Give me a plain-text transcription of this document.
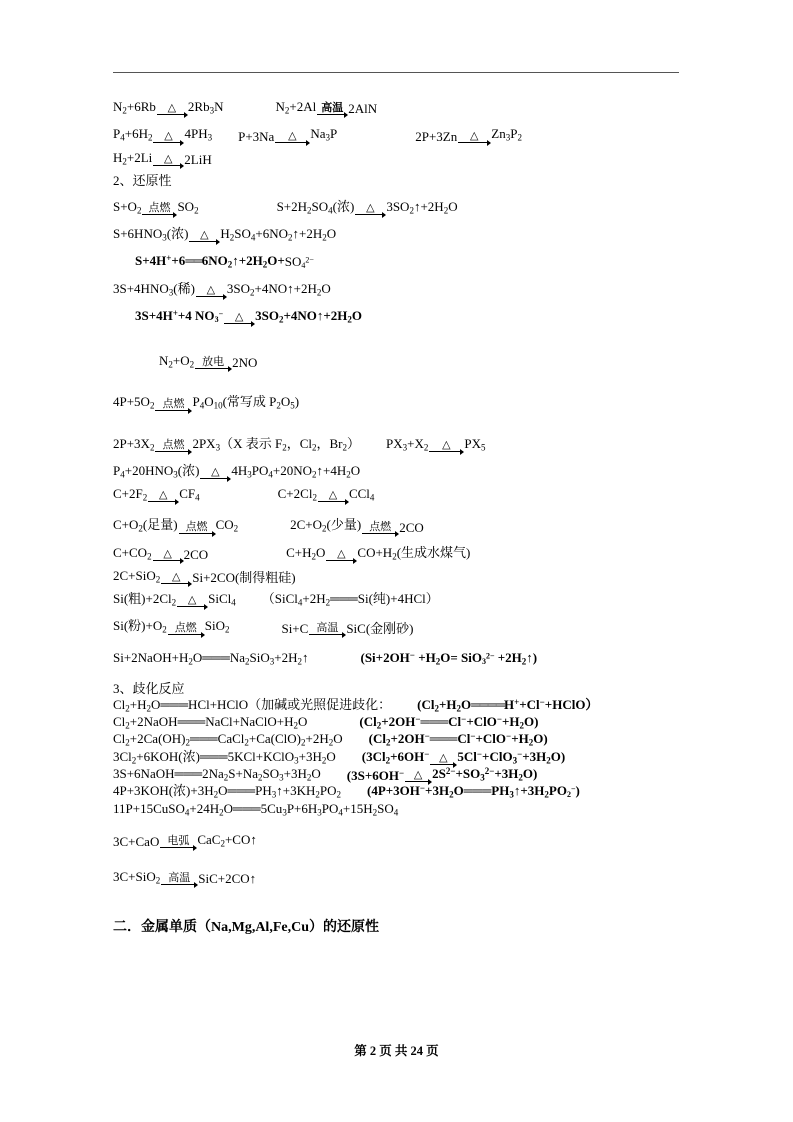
$N_2+6Rb$	△ $2Rb_3N$	$N_2+2Al$ 高温 2AlN
$P_4+6H_2$	△ $4PH_3$ P+3Na	△	$Na_3P$	2P+3Zn	△ $Zn_3P_2$
$H_2+2Li$	△ 2LiH
2、还原性
$S+O_2$ 点燃 $SO_2$	$S+2H_2SO_4$(浓)	△ $3SO_2↑+2H_2O$
$S+6HNO_3$(浓)	△ $H_2SO_4+6NO_2↑+2H_2O$
$S+4H^++6══6NO_2↑+2H_2O+ SO_4^{2-}$
$3S+4HNO_3$(稀)	△ $3SO_2+4NO↑+2H_2O$
3S+4H++4 $NO_3^-$	△ $3SO_2+4NO↑+2H_2O$
$N_2+O_2$ 放电 2NO
$4P+5O_2$ 点燃 $P_4O_{10}$(常写成 $P_2O_5$)
$2P+3X_2$ 点燃 $2PX_3(X$ 表示 $F_2$，$Cl_2$，$Br_2$） $PX_3+X_2$	△	$PX_5$
$P_4+20HNO_3$(浓)	△ $4H_3PO_4+20NO_2↑+4H_2O$
$C+2F_2$	△ $CF_4$	$C+2Cl_2$	△ CCl$_4$
$C+O_2$(足量) 点燃 $CO_2$	$2C+O_2$(少量) 点燃 2CO
$C+CO_2$	△ 2CO	$C+H_2O$	△ $CO+H_2$(生成水煤气)
2C+SiO$_2$	△ Si+2CO(制得粗硅)
Si(粗)$+2Cl_2$	△ SiCl$_4$ （$SiCl_4+2H_2═══Si$(纯)+4HCl）
Si(粉)$+O_2$ 点燃 SiO$_2$	Si+C 高温 SiC(金刚砂)
$Si+2NaOH+H_2O═══Na_2SiO_3+2H_2↑$	($Si+2OH^- +H_2O= SiO_3^{2-}$ $+2H_2↑$)
3、歧化反应
$Cl_2+H_2O═══HCl+HClO$（加碱或光照促进歧化： $(Cl_2+H_2O════H^++Cl^-+HClO)$
$Cl_2+2NaOH═══NaCl+NaClO+H_2O$	$(Cl_2+2OH^-═══Cl^-+ClO^-+H_2O)$
$Cl_2+2Ca(OH)_2═══CaCl_2+Ca(ClO)_2+2H_2O$ $(Cl_2+2OH^-═══Cl^-+ClO^-+H_2O)$
$3Cl_2+6KOH$(浓)$═══5KCl+KClO_3+3H_2O$ ($3Cl_2+6OH^-$ △ $5Cl^-+ClO_3^-+3H_2O$)
$3S+6NaOH═══2Na_2S+Na_2SO_3+3H_2O$ (3S+6OH− △ $2S^{2-}+SO_3^{2-}+3H_2O$)
4P+3KOH(浓)$+3H_2O═══PH_3↑+3KH_2PO_2$ $(4P+3OH^-+3H_2O═══PH_3↑+3H_2PO_2^-)$
$11P+15CuSO_4+24H_2O═══5Cu_3P+6H_3PO_4+15H_2SO_4$
3C+CaO 电弧 CaC$_2$+CO↑
3C+SiO$_2$ 高温 SiC+2CO↑
二．金属单质（Na,Mg,Al,Fe,Cu）的还原性
第 2 页 共 24 页
